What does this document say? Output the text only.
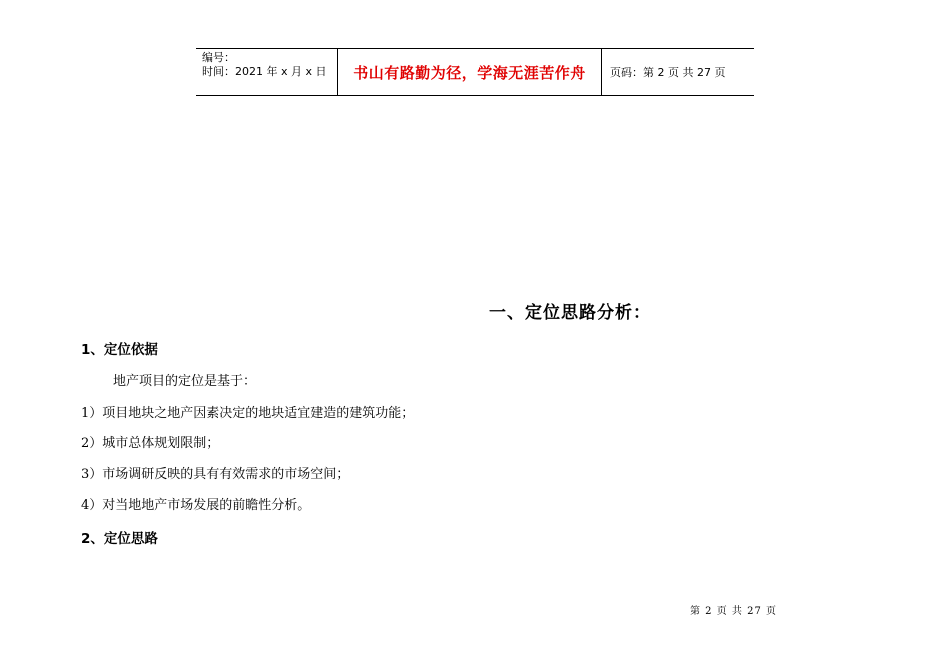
编号：
时间：2021 年 x 月 x 日	书山有路勤为径，学海无涯苦作舟	页码：第 2 页 共 27 页
一、定位思路分析：
1、定位依据
地产项目的定位是基于：
1）项目地块之地产因素决定的地块适宜建造的建筑功能；
2）城市总体规划限制；
3）市场调研反映的具有有效需求的市场空间；
4）对当地地产市场发展的前瞻性分析。
2、定位思路
第 2 页 共 27 页
